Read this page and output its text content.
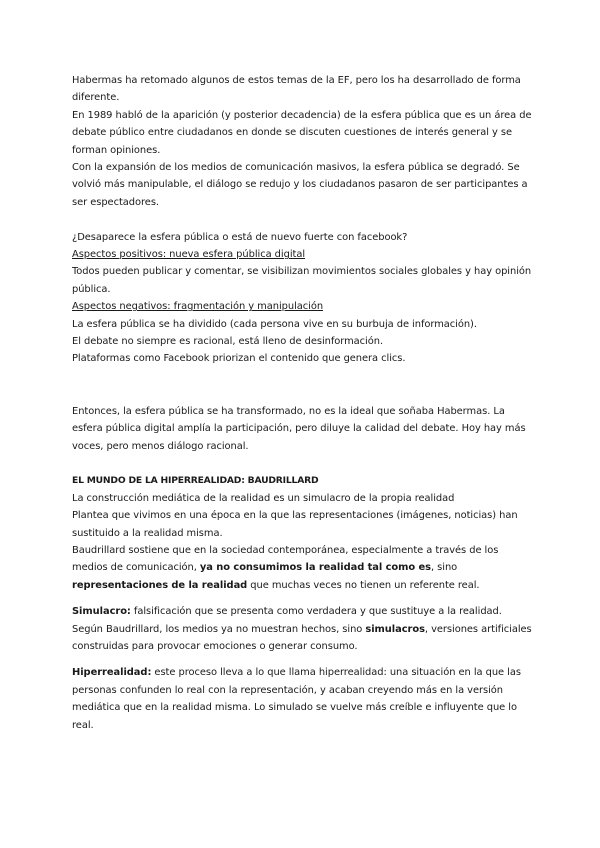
Habermas ha retomado algunos de estos temas de la EF, pero los ha desarrollado de forma diferente.

En 1989 habló de la aparición (y posterior decadencia) de la esfera pública que es un área de debate público entre ciudadanos en donde se discuten cuestiones de interés general y se forman opiniones.

Con la expansión de los medios de comunicación masivos, la esfera pública se degradó. Se volvió más manipulable, el diálogo se redujo y los ciudadanos pasaron de ser participantes a ser espectadores.

¿Desaparece la esfera pública o está de nuevo fuerte con facebook?

Aspectos positivos: nueva esfera pública digital

Todos pueden publicar y comentar, se visibilizan movimientos sociales globales y hay opinión pública.

Aspectos negativos: fragmentación y manipulación

La esfera pública se ha dividido (cada persona vive en su burbuja de información).

El debate no siempre es racional, está lleno de desinformación.

Plataformas como Facebook priorizan el contenido que genera clics.

Entonces, la esfera pública se ha transformado, no es la ideal que soñaba Habermas. La esfera pública digital amplía la participación, pero diluye la calidad del debate. Hoy hay más voces, pero menos diálogo racional.

EL MUNDO DE LA HIPERREALIDAD: BAUDRILLARD

La construcción mediática de la realidad es un simulacro de la propia realidad

Plantea que vivimos en una época en la que las representaciones (imágenes, noticias) han sustituido a la realidad misma.

Baudrillard sostiene que en la sociedad contemporánea, especialmente a través de los medios de comunicación, ya no consumimos la realidad tal como es, sino representaciones de la realidad que muchas veces no tienen un referente real.

Simulacro: falsificación que se presenta como verdadera y que sustituye a la realidad.

Según Baudrillard, los medios ya no muestran hechos, sino simulacros, versiones artificiales construidas para provocar emociones o generar consumo.

Hiperrealidad: este proceso lleva a lo que llama hiperrealidad: una situación en la que las personas confunden lo real con la representación, y acaban creyendo más en la versión mediática que en la realidad misma. Lo simulado se vuelve más creíble e influyente que lo real.
